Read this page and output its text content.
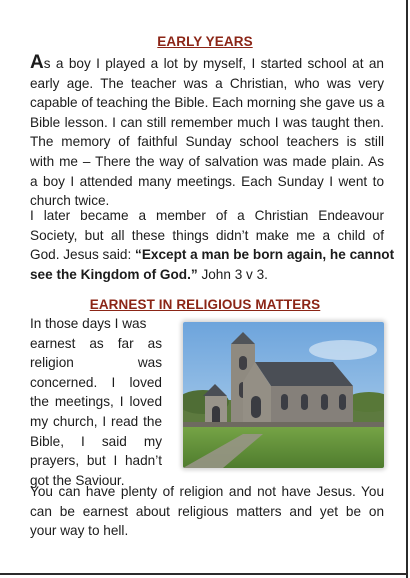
EARLY YEARS
As a boy I played a lot by myself, I started school at an
early age. The teacher was a Christian, who was very
capable of teaching the Bible. Each morning she gave us a
Bible lesson. I can still remember much I was taught then.
The memory of faithful Sunday school teachers is still
with me – There the way of salvation was made plain. As
a boy I attended many meetings. Each Sunday I went to
church twice.
I later became a member of a Christian Endeavour
Society, but all these things didn’t make me a child of
God. Jesus said: “Except a man be born again, he cannot
see the Kingdom of God.” John 3 v 3.
EARNEST IN RELIGIOUS MATTERS
In those days I was
earnest as far as
religion was
concerned. I loved
the meetings, I loved
my church, I read the
Bible, I said my
prayers, but I hadn’t
got the Saviour.
You can have plenty of religion and not have Jesus. You
can be earnest about religious matters and yet be on
your way to hell.
